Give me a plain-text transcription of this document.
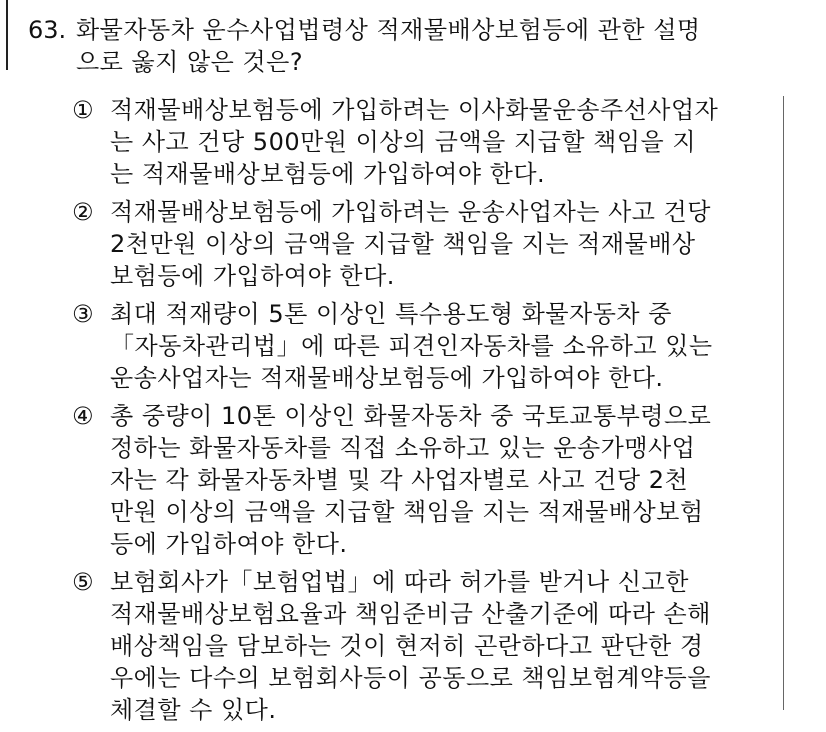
63. 화물자동차 운수사업법령상 적재물배상보험등에 관한 설명
으로 옳지 않은 것은?
① 적재물배상보험등에 가입하려는 이사화물운송주선사업자
는 사고 건당 500만원 이상의 금액을 지급할 책임을 지
는 적재물배상보험등에 가입하여야 한다.
② 적재물배상보험등에 가입하려는 운송사업자는 사고 건당
2천만원 이상의 금액을 지급할 책임을 지는 적재물배상
보험등에 가입하여야 한다.
③ 최대 적재량이 5톤 이상인 특수용도형 화물자동차 중
「자동차관리법」에 따른 피견인자동차를 소유하고 있는
운송사업자는 적재물배상보험등에 가입하여야 한다.
④ 총 중량이 10톤 이상인 화물자동차 중 국토교통부령으로
정하는 화물자동차를 직접 소유하고 있는 운송가맹사업
자는 각 화물자동차별 및 각 사업자별로 사고 건당 2천
만원 이상의 금액을 지급할 책임을 지는 적재물배상보험
등에 가입하여야 한다.
⑤ 보험회사가「보험업법」에 따라 허가를 받거나 신고한
적재물배상보험요율과 책임준비금 산출기준에 따라 손해
배상책임을 담보하는 것이 현저히 곤란하다고 판단한 경
우에는 다수의 보험회사등이 공동으로 책임보험계약등을
체결할 수 있다.
